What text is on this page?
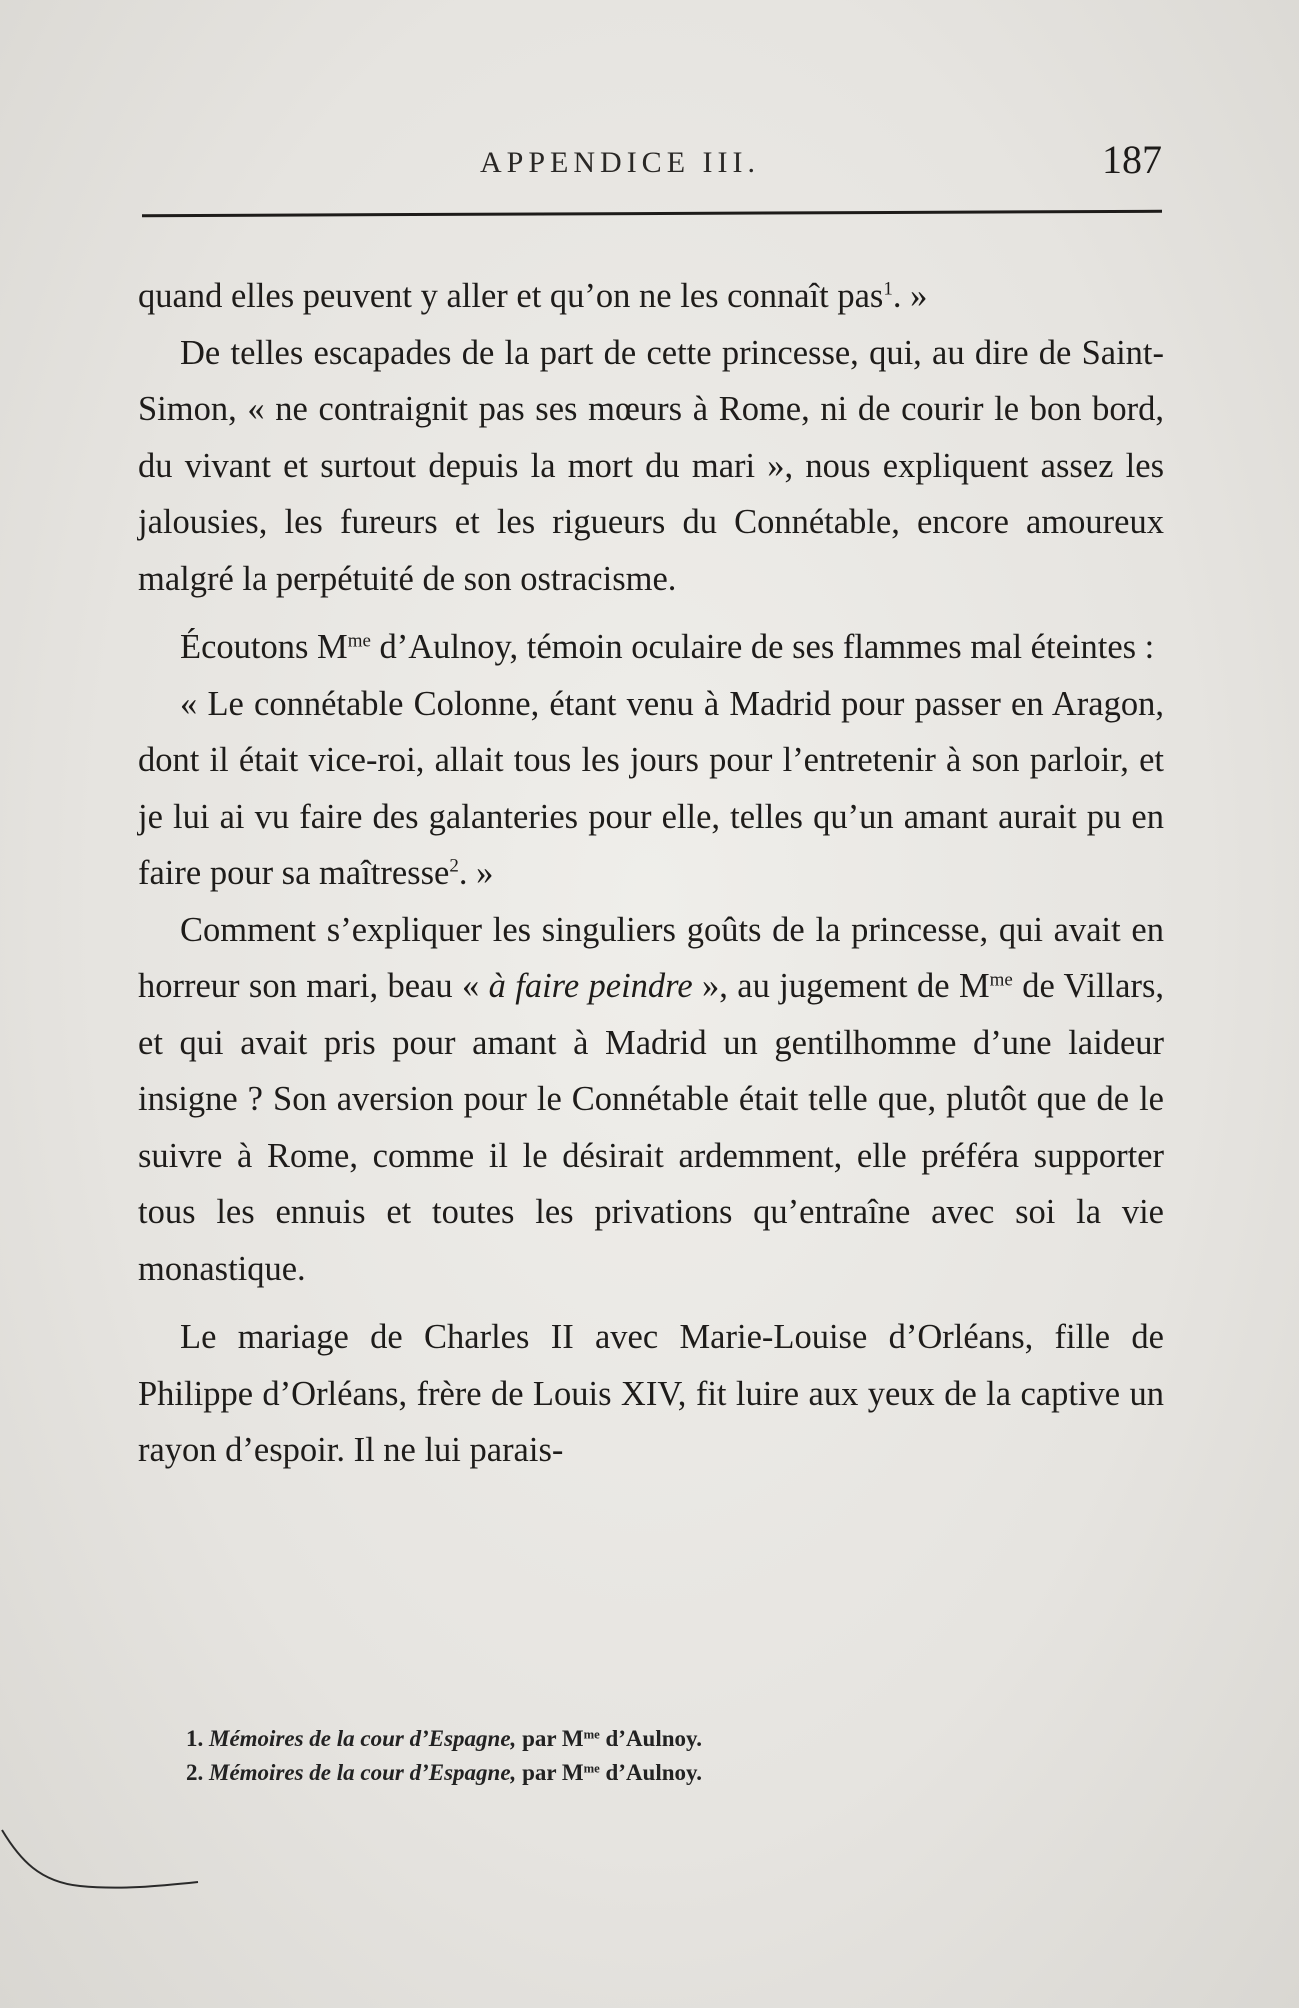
APPENDICE III.	187

quand elles peuvent y aller et qu’on ne les connaît pas$^1$. »

De telles escapades de la part de cette princesse, qui, au dire de Saint-Simon, « ne contraignit pas ses mœurs à Rome, ni de courir le bon bord, du vivant et surtout depuis la mort du mari », nous expliquent assez les jalousies, les fureurs et les rigueurs du Connétable, encore amoureux malgré la perpétuité de son ostracisme.

Écoutons $M^{me}$ d’Aulnoy, témoin oculaire de ses flammes mal éteintes :

« Le connétable Colonne, étant venu à Madrid pour passer en Aragon, dont il était vice-roi, allait tous les jours pour l’entretenir à son parloir, et je lui ai vu faire des galanteries pour elle, telles qu’un amant aurait pu en faire pour sa maîtresse$^2$. »

Comment s’expliquer les singuliers goûts de la princesse, qui avait en horreur son mari, beau « à faire peindre », au jugement de $M^{me}$ de Villars, et qui avait pris pour amant à Madrid un gentilhomme d’une laideur insigne ? Son aversion pour le Connétable était telle que, plutôt que de le suivre à Rome, comme il le désirait ardemment, elle préféra supporter tous les ennuis et toutes les privations qu’entraîne avec soi la vie monastique.

Le mariage de Charles II avec Marie-Louise d’Orléans, fille de Philippe d’Orléans, frère de Louis XIV, fit luire aux yeux de la captive un rayon d’espoir. Il ne lui parais-

1. Mémoires de la cour d’Espagne, par $M^{me}$ d’Aulnoy.

2. Mémoires de la cour d’Espagne, par $M^{me}$ d’Aulnoy.
